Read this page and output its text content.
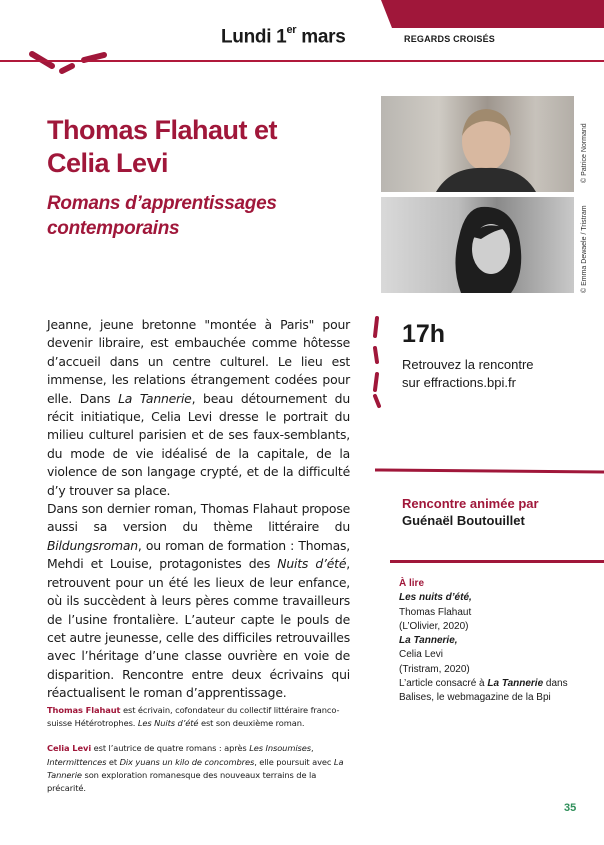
Lundi 1er mars	REGARDS CROISÉS
Thomas Flahaut et
Celia Levi
Romans d’apprentissages
contemporains
© Patrice Normand
© Emma Dewaele / Tristram

Jeanne, jeune bretonne "montée à Paris" pour devenir libraire, est embauchée comme hôtesse d’accueil dans un centre culturel. Le lieu est immense, les relations étrangement codées pour elle. Dans La Tannerie, beau détournement du récit initiatique, Celia Levi dresse le portrait du milieu culturel parisien et de ses faux-semblants, du mode de vie idéalisé de la capitale, de la violence de son langage crypté, et de la difficulté d’y trouver sa place.

Dans son dernier roman, Thomas Flahaut propose aussi sa version du thème littéraire du Bildungsroman, ou roman de formation : Thomas, Mehdi et Louise, protagonistes des Nuits d’été, retrouvent pour un été les lieux de leur enfance, où ils succèdent à leurs pères comme travailleurs de l’usine frontalière. L’auteur capte le pouls de cet autre jeunesse, celle des difficiles retrouvailles avec l’héritage d’une classe ouvrière en voie de disparition. Rencontre entre deux écrivains qui réactualisent le roman d’apprentissage.

Thomas Flahaut est écrivain, cofondateur du collectif littéraire franco-suisse Hétérotrophes. Les Nuits d’été est son deuxième roman.

Celia Levi est l’autrice de quatre romans : après Les Insoumises, Intermittences et Dix yuans un kilo de concombres, elle poursuit avec La Tannerie son exploration romanesque des nouveaux terrains de la précarité.

17h
Retrouvez la rencontre
sur effractions.bpi.fr
Rencontre animée par
Guénaël Boutouillet
À lire
Les nuits d’été,
Thomas Flahaut
(L’Olivier, 2020)
La Tannerie,
Celia Levi
(Tristram, 2020)
L’article consacré à La Tannerie dans Balises, le webmagazine de la Bpi
35
